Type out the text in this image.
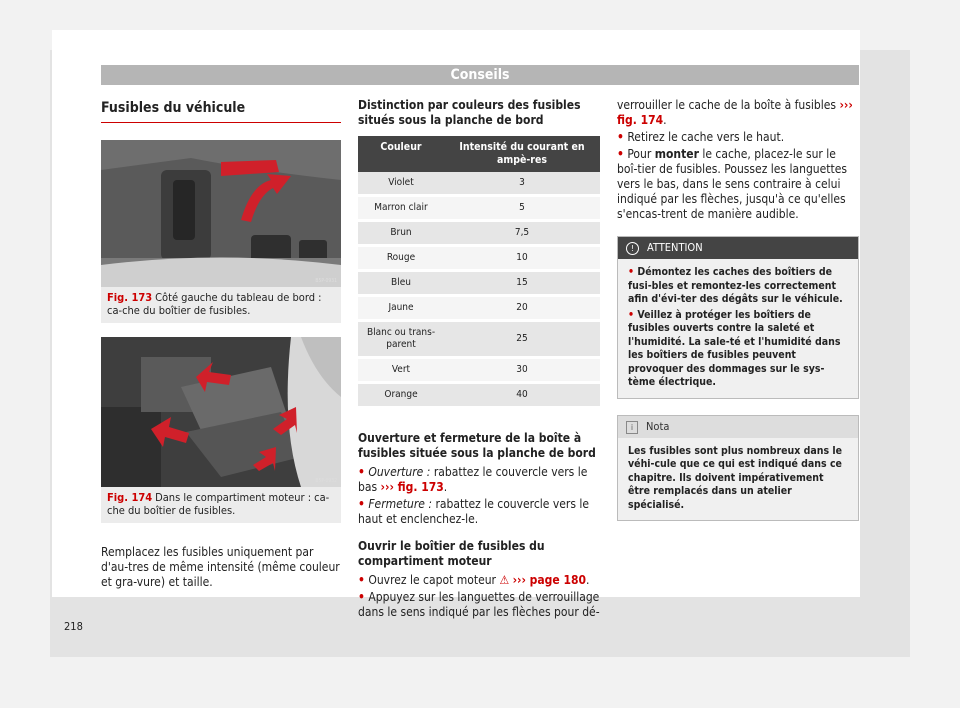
Conseils
Fusibles du véhicule
B5P-0931
Fig. 173 Côté gauche du tableau de bord : ca-che du boîtier de fusibles.
B5P-0932
Fig. 174 Dans le compartiment moteur : ca-che du boîtier de fusibles.

Remplacez les fusibles uniquement par d'au-tres de même intensité (même couleur et gra-vure) et taille.

Distinction par couleurs des fusibles situés sous la planche de bord

Couleur	Intensité du courant en ampè-res
Violet	3
Marron clair	5
Brun	7,5
Rouge	10
Bleu	15
Jaune	20
Blanc ou trans-parent	25
Vert	30
Orange	40

Ouverture et fermeture de la boîte à fusibles située sous la planche de bord

• Ouverture : rabattez le couvercle vers le bas ››› fig. 173.

• Fermeture : rabattez le couvercle vers le haut et enclenchez-le.

Ouvrir le boîtier de fusibles du compartiment moteur

• Ouvrez le capot moteur ⚠ ››› page 180.

• Appuyez sur les languettes de verrouillage dans le sens indiqué par les flèches pour dé-

verrouiller le cache de la boîte à fusibles ››› fig. 174.

• Retirez le cache vers le haut.

• Pour monter le cache, placez-le sur le boî-tier de fusibles. Poussez les languettes vers le bas, dans le sens contraire à celui indiqué par les flèches, jusqu'à ce qu'elles s'encas-trent de manière audible.

! ATTENTION
• Démontez les caches des boîtiers de fusi-bles et remontez-les correctement afin d'évi-ter des dégâts sur le véhicule.
• Veillez à protéger les boîtiers de fusibles ouverts contre la saleté et l'humidité. La sale-té et l'humidité dans les boîtiers de fusibles peuvent provoquer des dommages sur le sys-tème électrique.
i Nota
Les fusibles sont plus nombreux dans le véhi-cule que ce qui est indiqué dans ce chapitre. Ils doivent impérativement être remplacés dans un atelier spécialisé.
218
